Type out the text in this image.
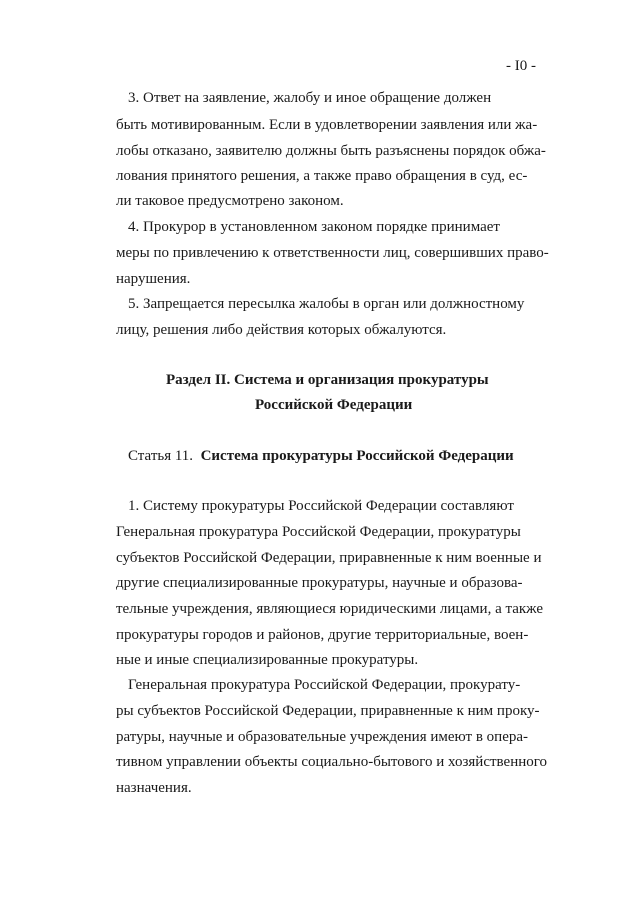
- I0 -
3. Ответ на заявление, жалобу и иное обращение должен
быть мотивированным. Если в удовлетворении заявления или жа-
лобы отказано, заявителю должны быть разъяснены порядок обжа-
лования принятого решения, а также право обращения в суд, ес-
ли таковое предусмотрено законом.
4. Прокурор в установленном законом порядке принимает
меры по привлечению к ответственности лиц, совершивших право-
нарушения.
5. Запрещается пересылка жалобы в орган или должностному
лицу, решения либо действия которых обжалуются.
Раздел II. Система и организация прокуратуры
Российской Федерации
Статья 11. Система прокуратуры Российской Федерации
1. Систему прокуратуры Российской Федерации составляют
Генеральная прокуратура Российской Федерации, прокуратуры
субъектов Российской Федерации, приравненные к ним военные и
другие специализированные прокуратуры, научные и образова-
тельные учреждения, являющиеся юридическими лицами, а также
прокуратуры городов и районов, другие территориальные, воен-
ные и иные специализированные прокуратуры.
Генеральная прокуратура Российской Федерации, прокурату-
ры субъектов Российской Федерации, приравненные к ним проку-
ратуры, научные и образовательные учреждения имеют в опера-
тивном управлении объекты социально-бытового и хозяйственного
назначения.
